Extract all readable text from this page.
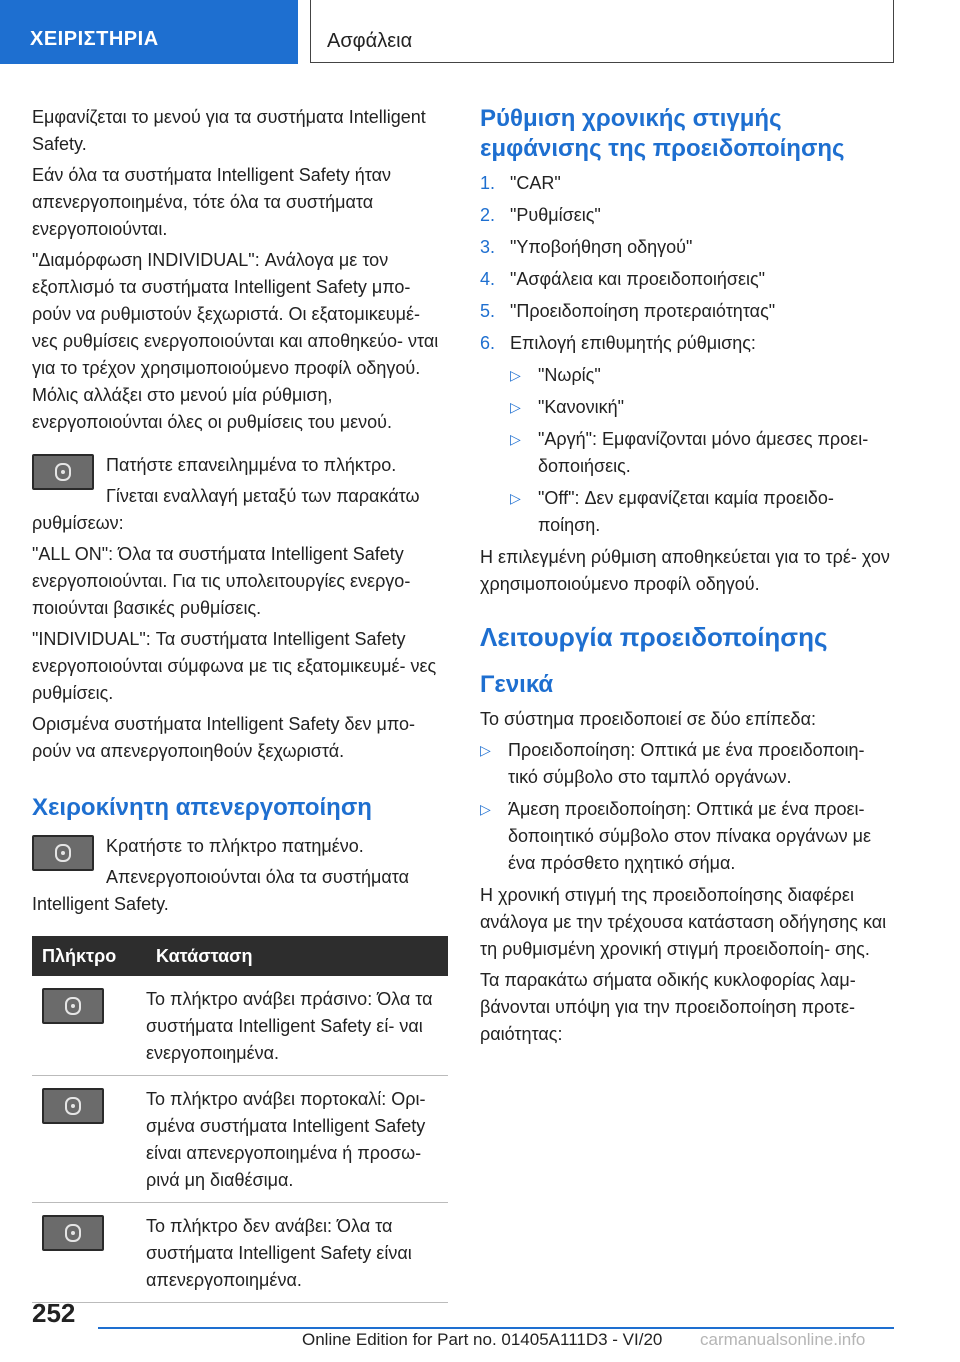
ΧΕΙΡΙΣΤΗΡΙΑ	Ασφάλεια

Εμφανίζεται το μενού για τα συστήματα Intelligent Safety.

Εάν όλα τα συστήματα Intelligent Safety ήταν απενεργοποιημένα, τότε όλα τα συστήματα ενεργοποιούνται.

"Διαμόρφωση INDIVIDUAL": Ανάλογα με τον εξοπλισμό τα συστήματα Intelligent Safety μπο- ρούν να ρυθμιστούν ξεχωριστά. Οι εξατομικευμέ- νες ρυθμίσεις ενεργοποιούνται και αποθηκεύο- νται για το τρέχον χρησιμοποιούμενο προφίλ οδηγού. Μόλις αλλάξει στο μενού μία ρύθμιση, ενεργοποιούνται όλες οι ρυθμίσεις του μενού.

Πατήστε επανειλημμένα το πλήκτρο.

Γίνεται εναλλαγή μεταξύ των παρακάτω ρυθμίσεων:

"ALL ON": Όλα τα συστήματα Intelligent Safety ενεργοποιούνται. Για τις υπολειτουργίες ενεργο- ποιούνται βασικές ρυθμίσεις.

"INDIVIDUAL": Τα συστήματα Intelligent Safety ενεργοποιούνται σύμφωνα με τις εξατομικευμέ- νες ρυθμίσεις.

Ορισμένα συστήματα Intelligent Safety δεν μπο- ρούν να απενεργοποιηθούν ξεχωριστά.

Χειροκίνητη απενεργοποίηση

Κρατήστε το πλήκτρο πατημένο.

Απενεργοποιούνται όλα τα συστήματα Intelligent Safety.

Πλήκτρο	Κατάσταση

	Το πλήκτρο ανάβει πράσινο: Όλα τα συστήματα Intelligent Safety εί- ναι ενεργοποιημένα.

	Το πλήκτρο ανάβει πορτοκαλί: Ορι- σμένα συστήματα Intelligent Safety είναι απενεργοποιημένα ή προσω- ρινά μη διαθέσιμα.

	Το πλήκτρο δεν ανάβει: Όλα τα συστήματα Intelligent Safety είναι απενεργοποιημένα.
Ρύθμιση χρονικής στιγμής εμφάνισης της προειδοποίησης
1. "CAR"
2. "Ρυθμίσεις"
3. "Υποβοήθηση οδηγού"
4. "Ασφάλεια και προειδοποιήσεις"
5. "Προειδοποίηση προτεραιότητας"
6. Επιλογή επιθυμητής ρύθμισης:
▷ "Νωρίς"
▷ "Κανονική"
▷ "Αργή": Εμφανίζονται μόνο άμεσες προει- δοποιήσεις.
▷ "Off": Δεν εμφανίζεται καμία προειδο- ποίηση.

Η επιλεγμένη ρύθμιση αποθηκεύεται για το τρέ- χον χρησιμοποιούμενο προφίλ οδηγού.

Λειτουργία προειδοποίησης
Γενικά

Το σύστημα προειδοποιεί σε δύο επίπεδα:

▷ Προειδοποίηση: Οπτικά με ένα προειδοποιη- τικό σύμβολο στο ταμπλό οργάνων.
▷ Άμεση προειδοποίηση: Οπτικά με ένα προει- δοποιητικό σύμβολο στον πίνακα οργάνων με ένα πρόσθετο ηχητικό σήμα.

Η χρονική στιγμή της προειδοποίησης διαφέρει ανάλογα με την τρέχουσα κατάσταση οδήγησης και τη ρυθμισμένη χρονική στιγμή προειδοποίη- σης.

Τα παρακάτω σήματα οδικής κυκλοφορίας λαμ- βάνονται υπόψη για την προειδοποίηση προτε- ραιότητας:

252
Online Edition for Part no. 01405A111D3 - VI/20 carmanualsonline.info
